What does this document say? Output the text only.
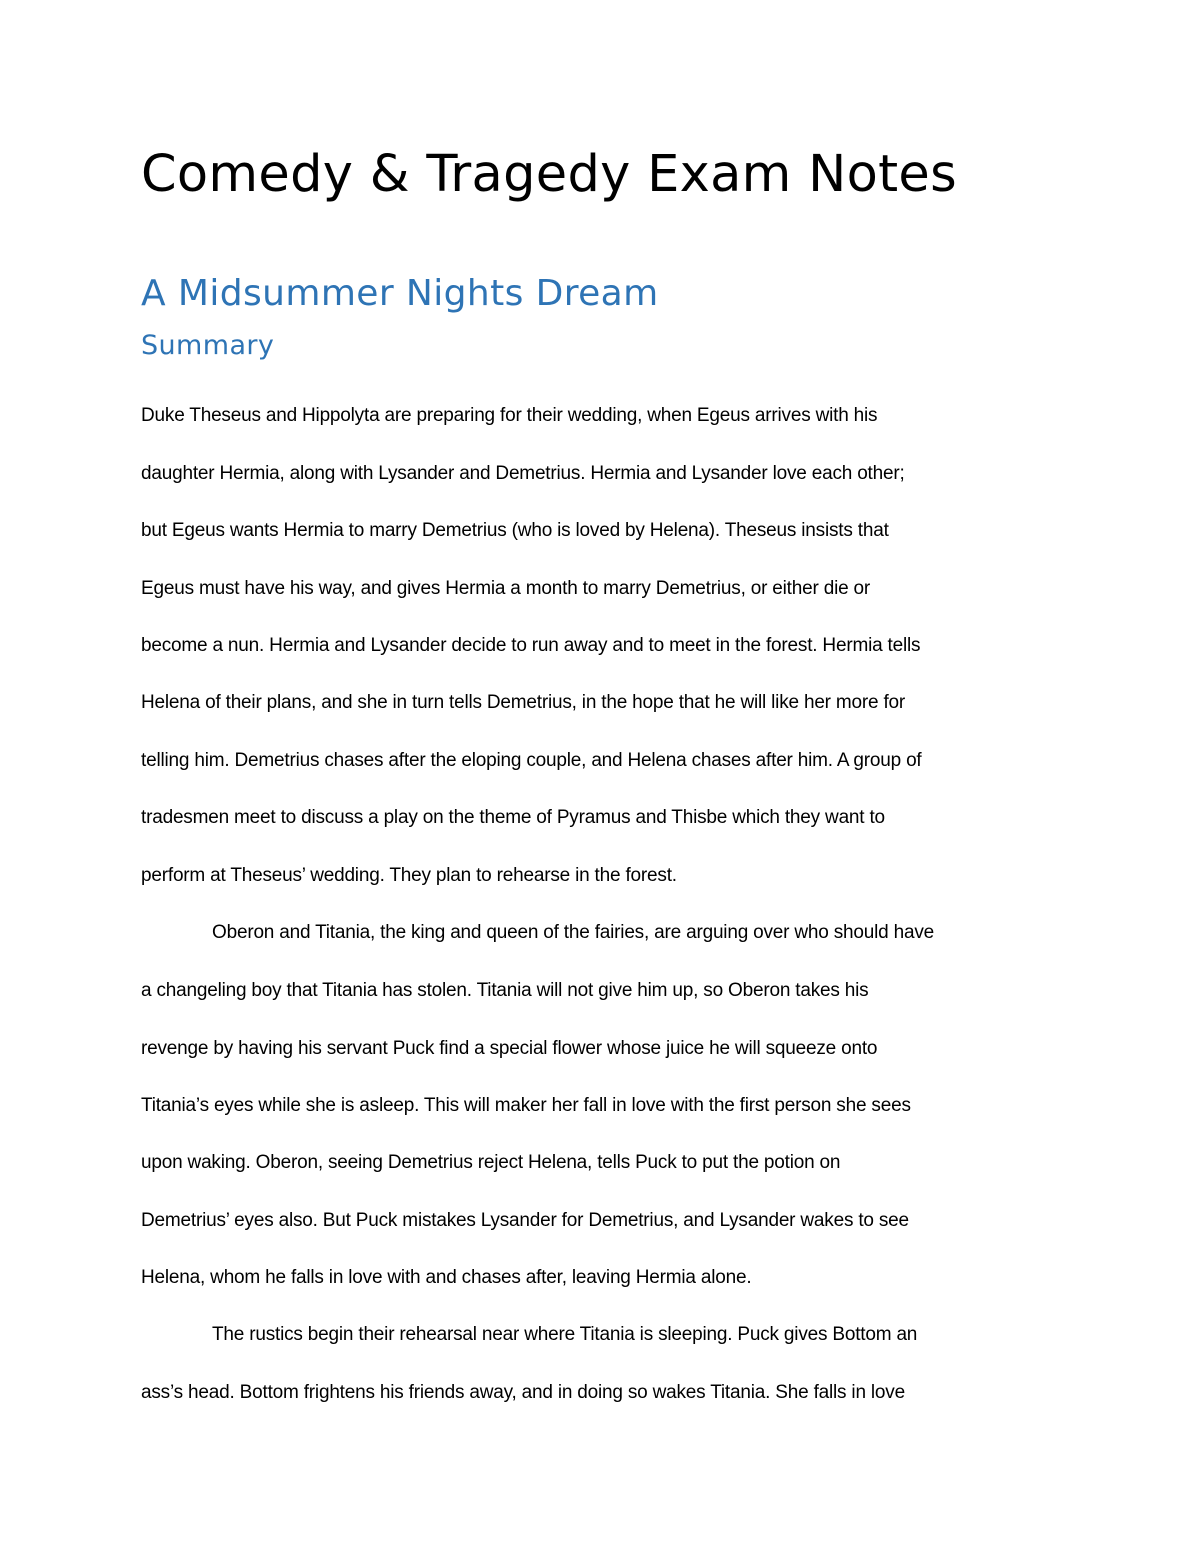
Comedy & Tragedy Exam Notes
A Midsummer Nights Dream
Summary

Duke Theseus and Hippolyta are preparing for their wedding, when Egeus arrives with his

daughter Hermia, along with Lysander and Demetrius. Hermia and Lysander love each other;

but Egeus wants Hermia to marry Demetrius (who is loved by Helena). Theseus insists that

Egeus must have his way, and gives Hermia a month to marry Demetrius, or either die or

become a nun. Hermia and Lysander decide to run away and to meet in the forest. Hermia tells

Helena of their plans, and she in turn tells Demetrius, in the hope that he will like her more for

telling him. Demetrius chases after the eloping couple, and Helena chases after him. A group of

tradesmen meet to discuss a play on the theme of Pyramus and Thisbe which they want to

perform at Theseus’ wedding. They plan to rehearse in the forest.

Oberon and Titania, the king and queen of the fairies, are arguing over who should have

a changeling boy that Titania has stolen. Titania will not give him up, so Oberon takes his

revenge by having his servant Puck find a special flower whose juice he will squeeze onto

Titania’s eyes while she is asleep. This will maker her fall in love with the first person she sees

upon waking. Oberon, seeing Demetrius reject Helena, tells Puck to put the potion on

Demetrius’ eyes also. But Puck mistakes Lysander for Demetrius, and Lysander wakes to see

Helena, whom he falls in love with and chases after, leaving Hermia alone.

The rustics begin their rehearsal near where Titania is sleeping. Puck gives Bottom an

ass’s head. Bottom frightens his friends away, and in doing so wakes Titania. She falls in love
